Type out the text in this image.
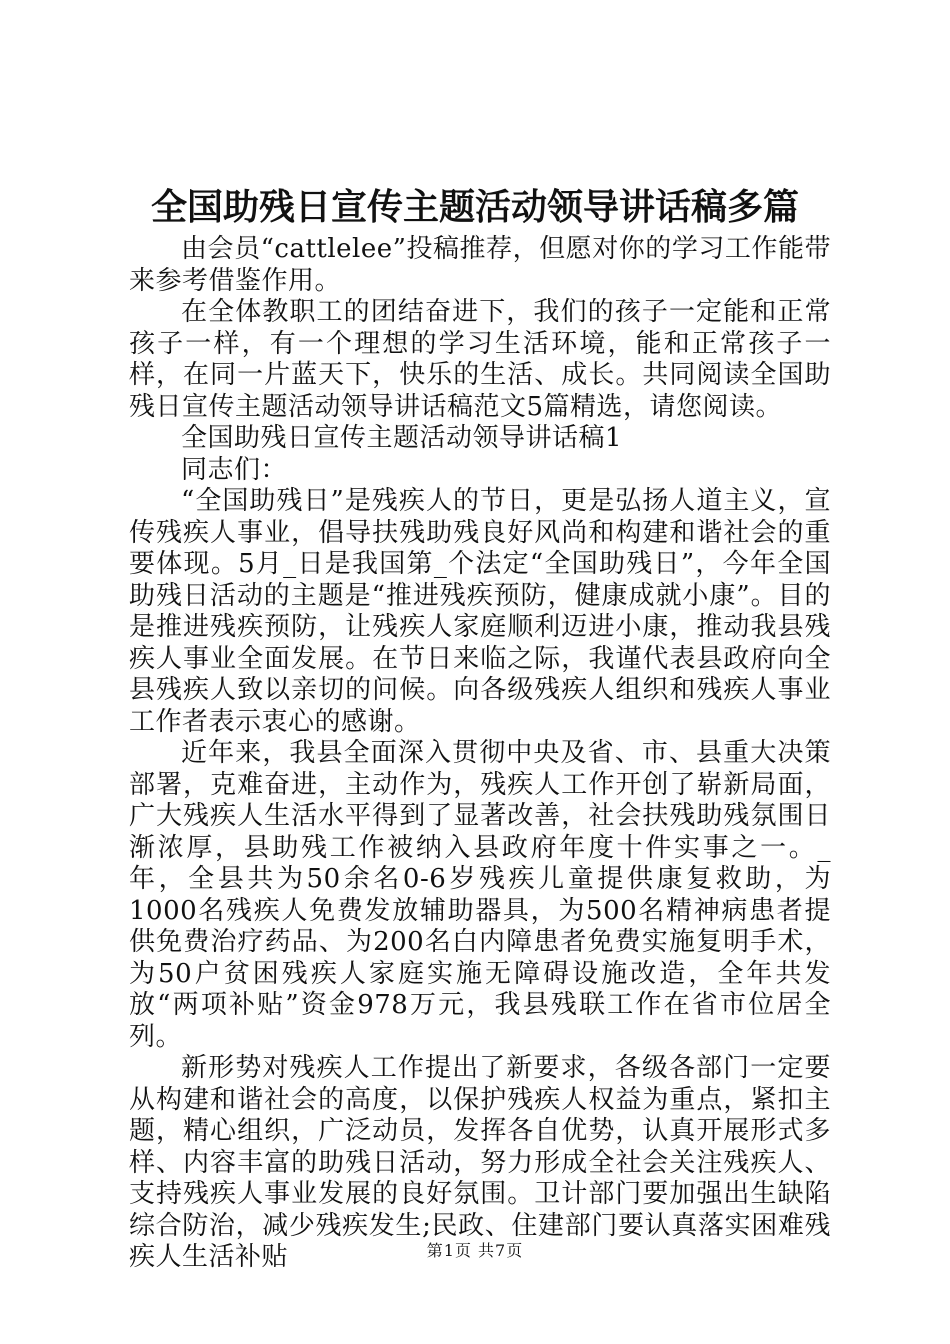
全国助残日宣传主题活动领导讲话稿多篇

由会员“cattlelee”投稿推荐，但愿对你的学习工作能带来参考借鉴作用。

在全体教职工的团结奋进下，我们的孩子一定能和正常孩子一样，有一个理想的学习生活环境，能和正常孩子一样，在同一片蓝天下，快乐的生活、成长。共同阅读全国助残日宣传主题活动领导讲话稿范文5篇精选，请您阅读。

全国助残日宣传主题活动领导讲话稿1

同志们：

“全国助残日”是残疾人的节日，更是弘扬人道主义，宣传残疾人事业，倡导扶残助残良好风尚和构建和谐社会的重要体现。5月_日是我国第_个法定“全国助残日”，今年全国助残日活动的主题是“推进残疾预防，健康成就小康”。目的是推进残疾预防，让残疾人家庭顺利迈进小康，推动我县残疾人事业全面发展。在节日来临之际，我谨代表县政府向全县残疾人致以亲切的问候。向各级残疾人组织和残疾人事业工作者表示衷心的感谢。

近年来，我县全面深入贯彻中央及省、市、县重大决策部署，克难奋进，主动作为，残疾人工作开创了崭新局面，广大残疾人生活水平得到了显著改善，社会扶残助残氛围日渐浓厚，县助残工作被纳入县政府年度十件实事之一。_年，全县共为50余名0-6岁残疾儿童提供康复救助，为1000名残疾人免费发放辅助器具，为500名精神病患者提供免费治疗药品、为200名白内障患者免费实施复明手术，为50户贫困残疾人家庭实施无障碍设施改造，全年共发放“两项补贴”资金978万元，我县残联工作在省市位居全列。

新形势对残疾人工作提出了新要求，各级各部门一定要从构建和谐社会的高度，以保护残疾人权益为重点，紧扣主题，精心组织，广泛动员，发挥各自优势，认真开展形式多样、内容丰富的助残日活动，努力形成全社会关注残疾人、支持残疾人事业发展的良好氛围。卫计部门要加强出生缺陷综合防治，减少残疾发生;民政、住建部门要认真落实困难残疾人生活补贴	第1页 共7页
